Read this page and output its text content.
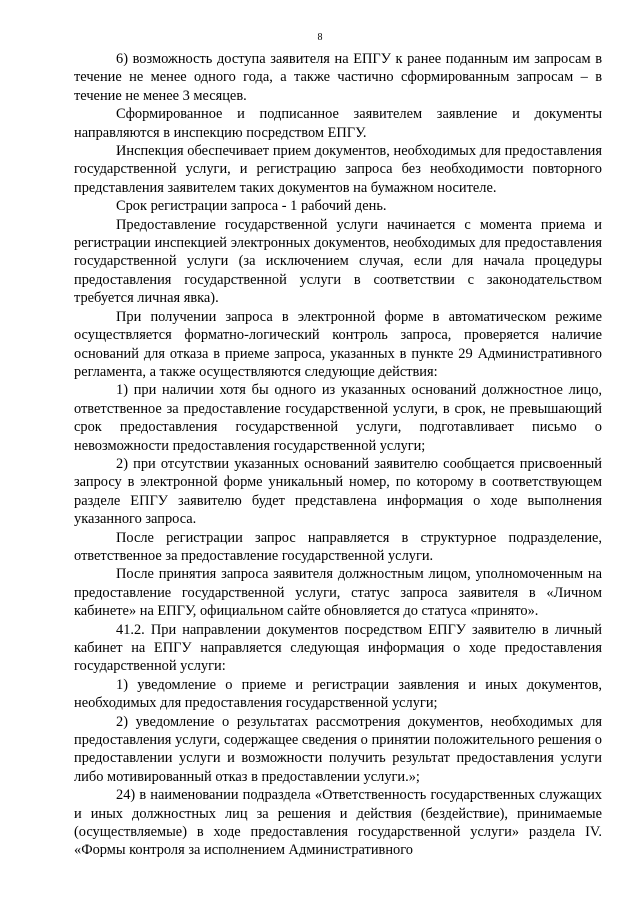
8

6) возможность доступа заявителя на ЕПГУ к ранее поданным им запросам в течение не менее одного года, а также частично сформированным запросам – в течение не менее 3 месяцев.

Сформированное и подписанное заявителем заявление и документы направляются в инспекцию посредством ЕПГУ.

Инспекция обеспечивает прием документов, необходимых для предоставления государственной услуги, и регистрацию запроса без необходимости повторного представления заявителем таких документов на бумажном носителе.

Срок регистрации запроса - 1 рабочий день.

Предоставление государственной услуги начинается с момента приема и регистрации инспекцией электронных документов, необходимых для предоставления государственной услуги (за исключением случая, если для начала процедуры предоставления государственной услуги в соответствии с законодательством требуется личная явка).

При получении запроса в электронной форме в автоматическом режиме осуществляется форматно-логический контроль запроса, проверяется наличие оснований для отказа в приеме запроса, указанных в пункте 29 Административного регламента, а также осуществляются следующие действия:

1) при наличии хотя бы одного из указанных оснований должностное лицо, ответственное за предоставление государственной услуги, в срок, не превышающий срок предоставления государственной услуги, подготавливает письмо о невозможности предоставления государственной услуги;

2) при отсутствии указанных оснований заявителю сообщается присвоенный запросу в электронной форме уникальный номер, по которому в соответствующем разделе ЕПГУ заявителю будет представлена информация о ходе выполнения указанного запроса.

После регистрации запрос направляется в структурное подразделение, ответственное за предоставление государственной услуги.

После принятия запроса заявителя должностным лицом, уполномоченным на предоставление государственной услуги, статус запроса заявителя в «Личном кабинете» на ЕПГУ, официальном сайте обновляется до статуса «принято».

41.2. При направлении документов посредством ЕПГУ заявителю в личный кабинет на ЕПГУ направляется следующая информация о ходе предоставления государственной услуги:

1) уведомление о приеме и регистрации заявления и иных документов, необходимых для предоставления государственной услуги;

2) уведомление о результатах рассмотрения документов, необходимых для предоставления услуги, содержащее сведения о принятии положительного решения о предоставлении услуги и возможности получить результат предоставления услуги либо мотивированный отказ в предоставлении услуги.»;

24) в наименовании подраздела «Ответственность государственных служащих и иных должностных лиц за решения и действия (бездействие), принимаемые (осуществляемые) в ходе предоставления государственной услуги» раздела IV. «Формы контроля за исполнением Административного
